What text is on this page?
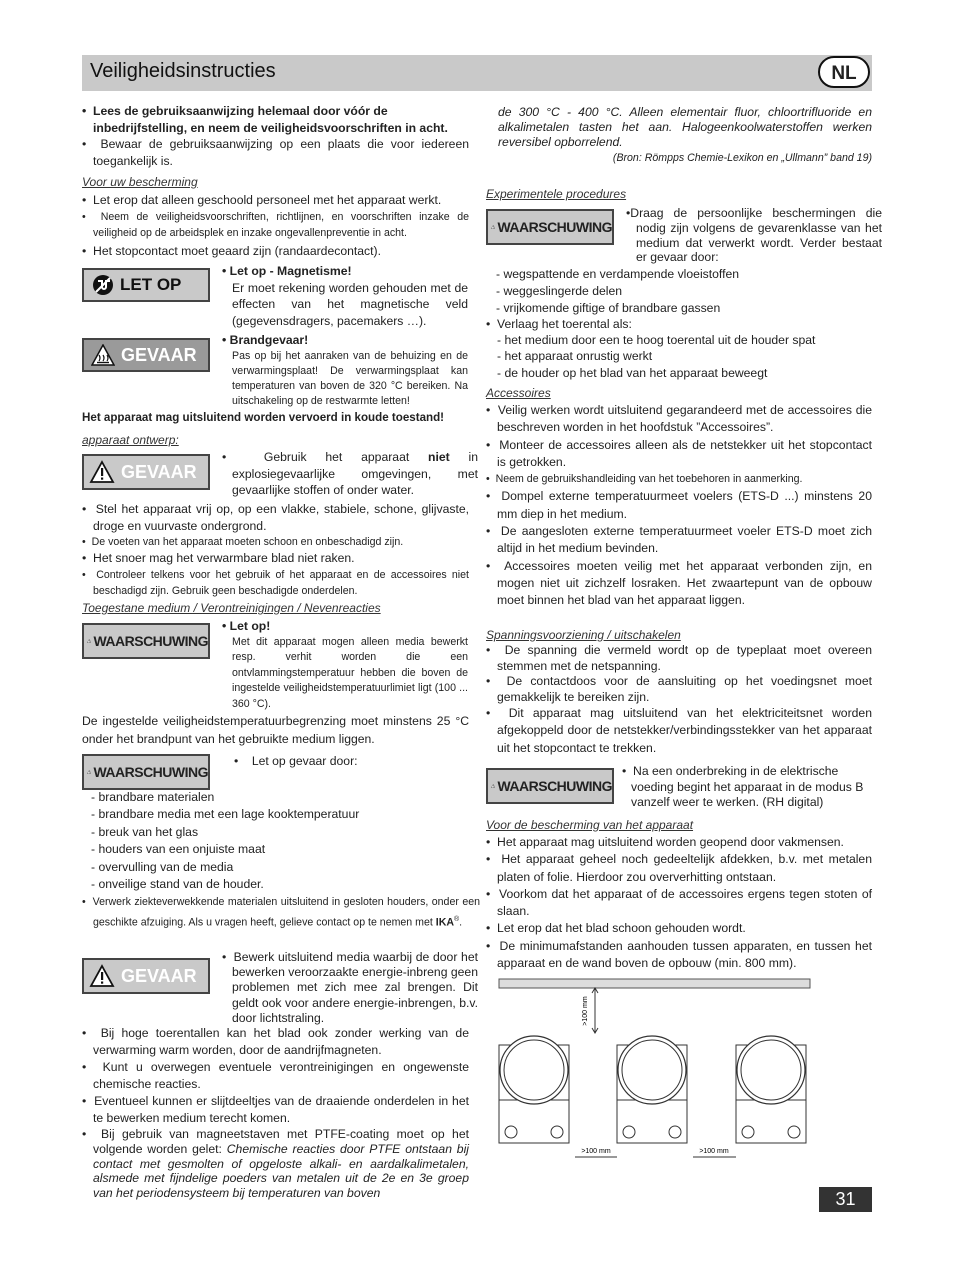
Veiligheidsinstructies	NL

•  Lees de gebruiksaanwijzing helemaal door vóór de inbedrijfstelling, en neem de veiligheidsvoorschriften in acht.

•  Bewaar de gebruiksaanwijzing op een plaats die voor iedereen toegankelijk is.

Voor uw bescherming

•  Let erop dat alleen geschoold personeel met het apparaat werkt.

•  Neem de veiligheidsvoorschriften, richtlijnen, en voorschriften inzake de veiligheid op de arbeidsplek en inzake ongevallenpreventie in acht.

•  Het stopcontact moet geaard zijn (randaardecontact).

LET OP
• Let op - Magnetisme!
Er moet rekening worden gehouden met de effecten van het magnetische veld (gegevensdragers, pacemakers …).
GEVAAR
• Brandgevaar!
Pas op bij het aanraken van de behuizing en de verwarmingsplaat! De verwarmingsplaat kan temperaturen van boven de 320 °C bereiken. Na uitschakeling op de restwarmte letten!
Het apparaat mag uitsluitend worden vervoerd in koude toestand!
apparaat ontwerp:
GEVAAR
•  Gebruik het apparaat niet in explosiegevaarlijke omgevingen, met gevaarlijke stoffen of onder water.

•  Stel het apparaat vrij op, op een vlakke, stabiele, schone, glijvaste, droge en vuurvaste ondergrond.

•  De voeten van het apparaat moeten schoon en onbeschadigd zijn.

•  Het snoer mag het verwarmbare blad niet raken.

•  Controleer telkens voor het gebruik of het apparaat en de accessoires niet beschadigd zijn. Gebruik geen beschadigde onderdelen.

Toegestane medium / Verontreinigingen / Nevenreacties
WAARSCHUWING
• Let op!
Met dit apparaat mogen alleen media bewerkt resp. verhit worden die een ontvlammingstemperatuur hebben die boven de ingestelde veiligheidstemperatuurlimiet ligt (100 ... 360 °C).
De ingestelde veiligheidstemperatuurbegrenzing moet minstens 25 °C onder het brandpunt van het gebruikte medium liggen.
WAARSCHUWING
•    Let op gevaar door:
- brandbare materialen
- brandbare media met een lage kooktemperatuur
- breuk van het glas
- houders van een onjuiste maat
- overvulling van de media
- onveilige stand van de houder.
•  Verwerk ziekteverwekkende materialen uitsluitend in gesloten houders, onder een geschikte afzuiging. Als u vragen heeft, gelieve contact op te nemen met IKA®.
GEVAAR
•  Bewerk uitsluitend media waarbij de door het bewerken veroorzaakte energie-inbreng geen problemen met zich mee zal brengen. Dit geldt ook voor andere energie-inbrengen, b.v. door lichtstraling.

•  Bij hoge toerentallen kan het blad ook zonder werking van de verwarming warm worden, door de aandrijfmagneten.

•  Kunt u overwegen eventuele verontreinigingen en ongewenste chemische reacties.

•  Eventueel kunnen er slijtdeeltjes van de draaiende onderdelen in het te bewerken medium terecht komen.

•  Bij gebruik van magneetstaven met PTFE-coating moet op het volgende worden gelet: Chemische reacties door PTFE ontstaan bij contact met gesmolten of opgeloste alkali- en aardalkalimetalen, alsmede met fijndelige poeders van metalen uit de 2e en 3e groep van het periodensysteem bij temperaturen van boven

de 300 °C - 400 °C. Alleen elementair fluor, chloortrifluoride en alkalimetalen tasten het aan. Halogeenkoolwaterstoffen werken reversibel opborrelend.
(Bron: Römpps Chemie-Lexikon en „Ullmann” band 19)
Experimentele procedures
WAARSCHUWING
•Draag de persoonlijke beschermingen die nodig zijn volgens de gevarenklasse van het medium dat verwerkt wordt. Verder bestaat er gevaar door:
- wegspattende en verdampende vloeistoffen
- weggeslingerde delen
- vrijkomende giftige of brandbare gassen
•  Verlaag het toerental als:
- het medium door een te hoog toerental uit de houder spat
- het apparaat onrustig werkt
- de houder op het blad van het apparaat beweegt
Accessoires

•  Veilig werken wordt uitsluitend gegarandeerd met de accessoires die beschreven worden in het hoofdstuk ”Accessoires”.

•  Monteer de accessoires alleen als de netstekker uit het stopcontact is getrokken.

•  Neem de gebruikshandleiding van het toebehoren in aanmerking.

•  Dompel externe temperatuurmeet voelers (ETS-D ...) minstens 20 mm diep in het medium.

•  De aangesloten externe temperatuurmeet voeler ETS-D moet zich altijd in het medium bevinden.

•  Accessoires moeten veilig met het apparaat verbonden zijn, en mogen niet uit zichzelf losraken. Het zwaartepunt van de opbouw moet binnen het blad van het apparaat liggen.

Spanningsvoorziening / uitschakelen

•  De spanning die vermeld wordt op de typeplaat moet overeen stemmen met de netspanning.

•  De contactdoos voor de aansluiting op het voedingsnet moet gemakkelijk te bereiken zijn.

•  Dit apparaat mag uitsluitend van het elektriciteitsnet worden afgekoppeld door de netstekker/verbindingsstekker van het apparaat uit het stopcontact te trekken.

WAARSCHUWING
•  Na een onderbreking in de elektrische voeding begint het apparaat in de modus B vanzelf weer te werken. (RH digital)
Voor de bescherming van het apparaat

•  Het apparaat mag uitsluitend worden geopend door vakmensen.

•  Het apparaat geheel noch gedeeltelijk afdekken, b.v. met metalen platen of folie. Hierdoor zou oververhitting ontstaan.

•  Voorkom dat het apparaat of de accessoires ergens tegen stoten of slaan.

•  Let erop dat het blad schoon gehouden wordt.

•  De minimumafstanden aanhouden tussen apparaten, en tussen het apparaat en de wand boven de opbouw (min. 800 mm).

>100 mm
>100 mm	>100 mm
31
